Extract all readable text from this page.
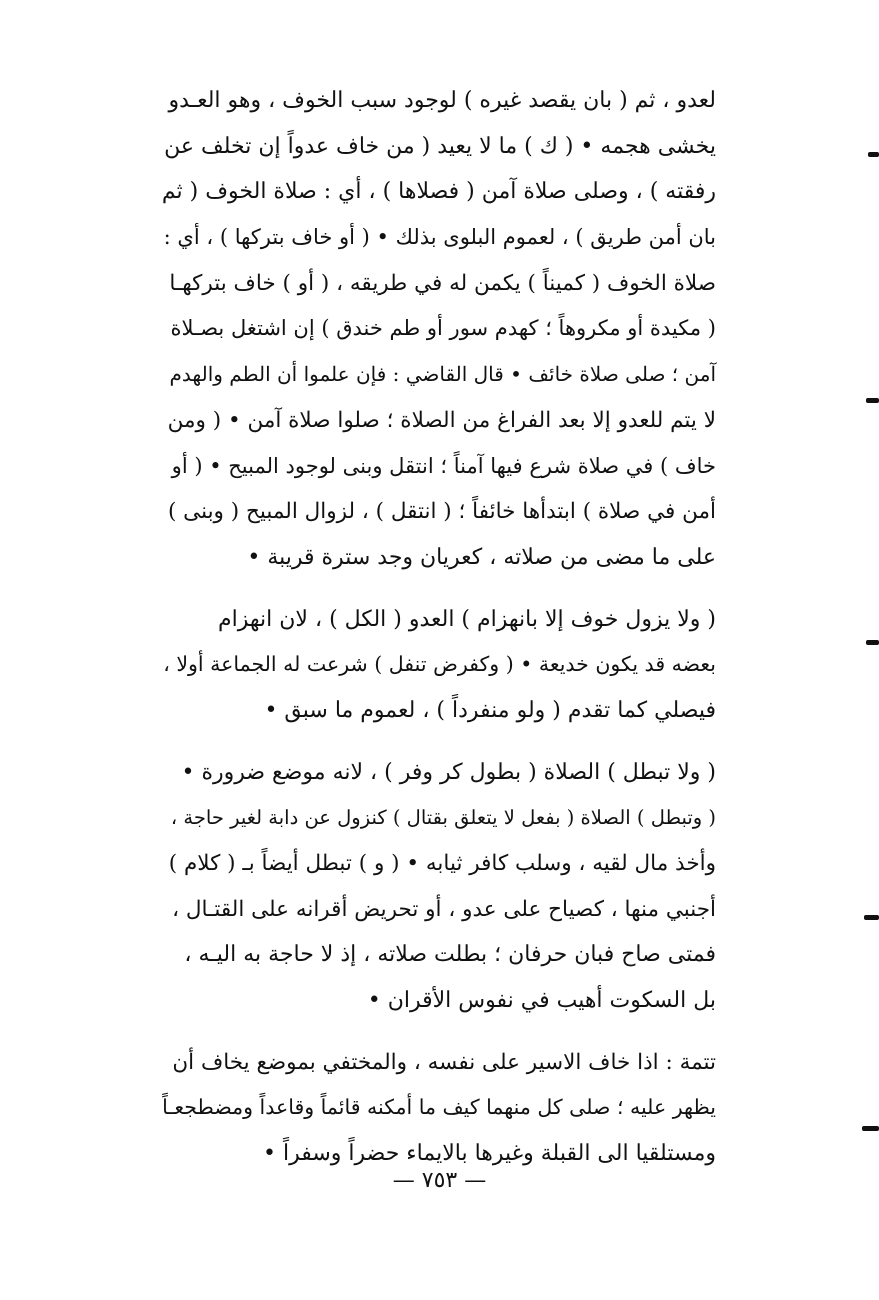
لعدو ، ثم ( بان يقصد غيره ) لوجود سبب الخوف ، وهو العـدو
يخشى هجمه • ( ك ) ما لا يعيد ( من خاف عدواً إن تخلف عن
رفقته ) ، وصلى صلاة آمن ( فصلاها ) ، أي : صلاة الخوف ( ثم
بان أمن طريق ) ، لعموم البلوى بذلك • ( أو خاف بتركها ) ، أي :
صلاة الخوف ( كميناً ) يكمن له في طريقه ، ( أو ) خاف بتركهـا
( مكيدة أو مكروهاً ؛ كهدم سور أو طم خندق ) إن اشتغل بصـلاة
آمن ؛ صلى صلاة خائف • قال القاضي : فإن علموا أن الطم والهدم
لا يتم للعدو إلا بعد الفراغ من الصلاة ؛ صلوا صلاة آمن • ( ومن
خاف ) في صلاة شرع فيها آمناً ؛ انتقل وبنى لوجود المبيح • ( أو
أمن في صلاة ) ابتدأها خائفاً ؛ ( انتقل ) ، لزوال المبيح ( وبنى )
على ما مضى من صلاته ، كعريان وجد سترة قريبة •
( ولا يزول خوف إلا بانهزام ) العدو ( الكل ) ، لان انهزام
بعضه قد يكون خديعة • ( وكفرض تنفل ) شرعت له الجماعة أولا ،
فيصلي كما تقدم ( ولو منفرداً ) ، لعموم ما سبق •
( ولا تبطل ) الصلاة ( بطول كر وفر ) ، لانه موضع ضرورة •
( وتبطل ) الصلاة ( بفعل لا يتعلق بقتال ) كنزول عن دابة لغير حاجة ،
وأخذ مال لقيه ، وسلب كافر ثيابه • ( و ) تبطل أيضاً بـ ( كلام )
أجنبي منها ، كصياح على عدو ، أو تحريض أقرانه على القتـال ،
فمتى صاح فبان حرفان ؛ بطلت صلاته ، إذ لا حاجة به اليـه ،
بل السكوت أهيب في نفوس الأقران •
تتمة : اذا خاف الاسير على نفسه ، والمختفي بموضع يخاف أن
يظهر عليه ؛ صلى كل منهما كيف ما أمكنه قائماً وقاعداً ومضطجعـاً
ومستلقيا الى القبلة وغيرها بالايماء حضراً وسفراً •
— ٧٥٣ —
